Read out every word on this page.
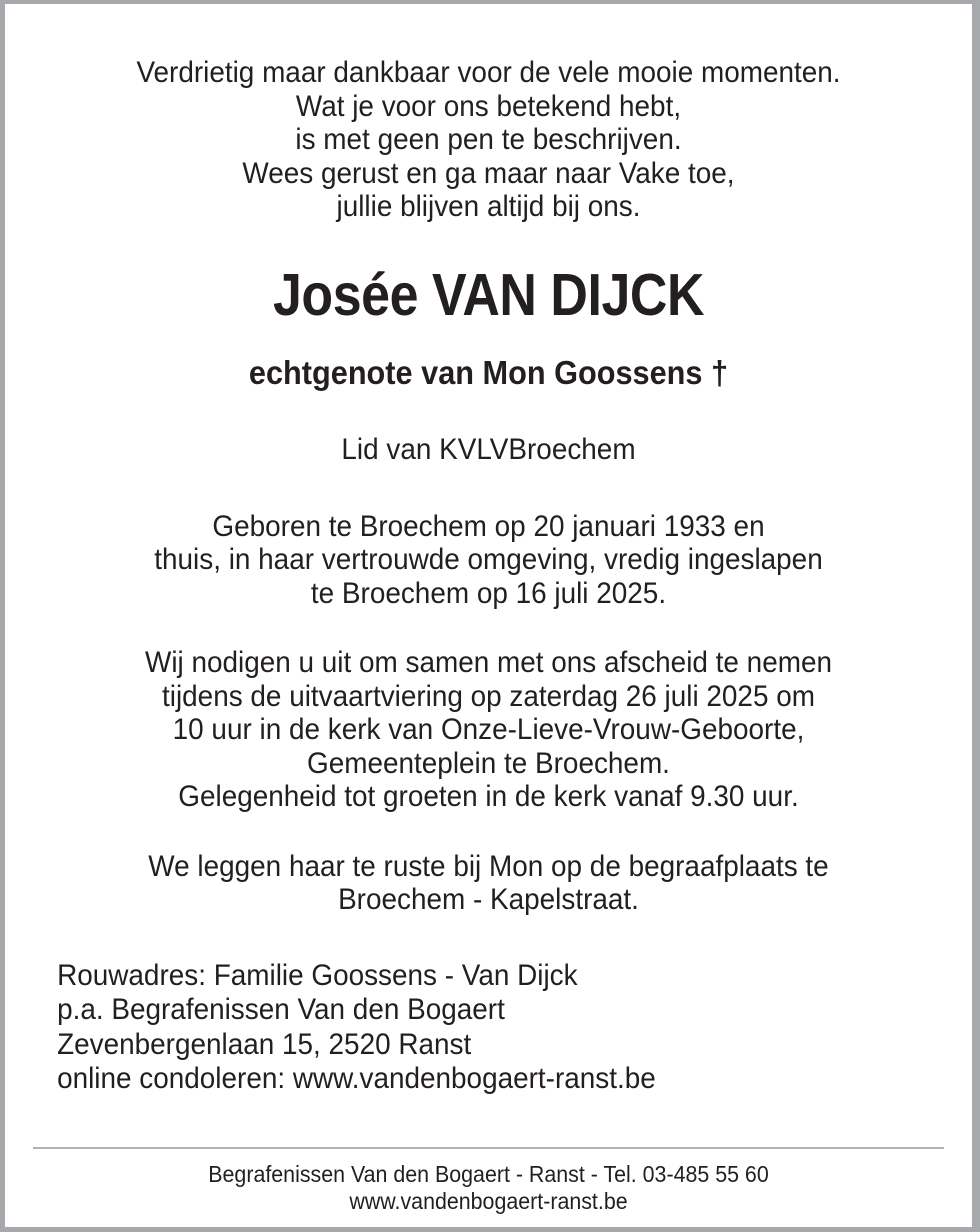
Verdrietig maar dankbaar voor de vele mooie momenten.
Wat je voor ons betekend hebt,
is met geen pen te beschrijven.
Wees gerust en ga maar naar Vake toe,
jullie blijven altijd bij ons.
Josée VAN DIJCK
echtgenote van Mon Goossens †
Lid van KVLVBroechem
Geboren te Broechem op 20 januari 1933 en
thuis, in haar vertrouwde omgeving, vredig ingeslapen
te Broechem op 16 juli 2025.
Wij nodigen u uit om samen met ons afscheid te nemen
tijdens de uitvaartviering op zaterdag 26 juli 2025 om
10 uur in de kerk van Onze-Lieve-Vrouw-Geboorte,
Gemeenteplein te Broechem.
Gelegenheid tot groeten in de kerk vanaf 9.30 uur.
We leggen haar te ruste bij Mon op de begraafplaats te
Broechem - Kapelstraat.
Rouwadres: Familie Goossens - Van Dijck
p.a. Begrafenissen Van den Bogaert
Zevenbergenlaan 15, 2520 Ranst
online condoleren: www.vandenbogaert-ranst.be
Begrafenissen Van den Bogaert - Ranst - Tel. 03-485 55 60
www.vandenbogaert-ranst.be
